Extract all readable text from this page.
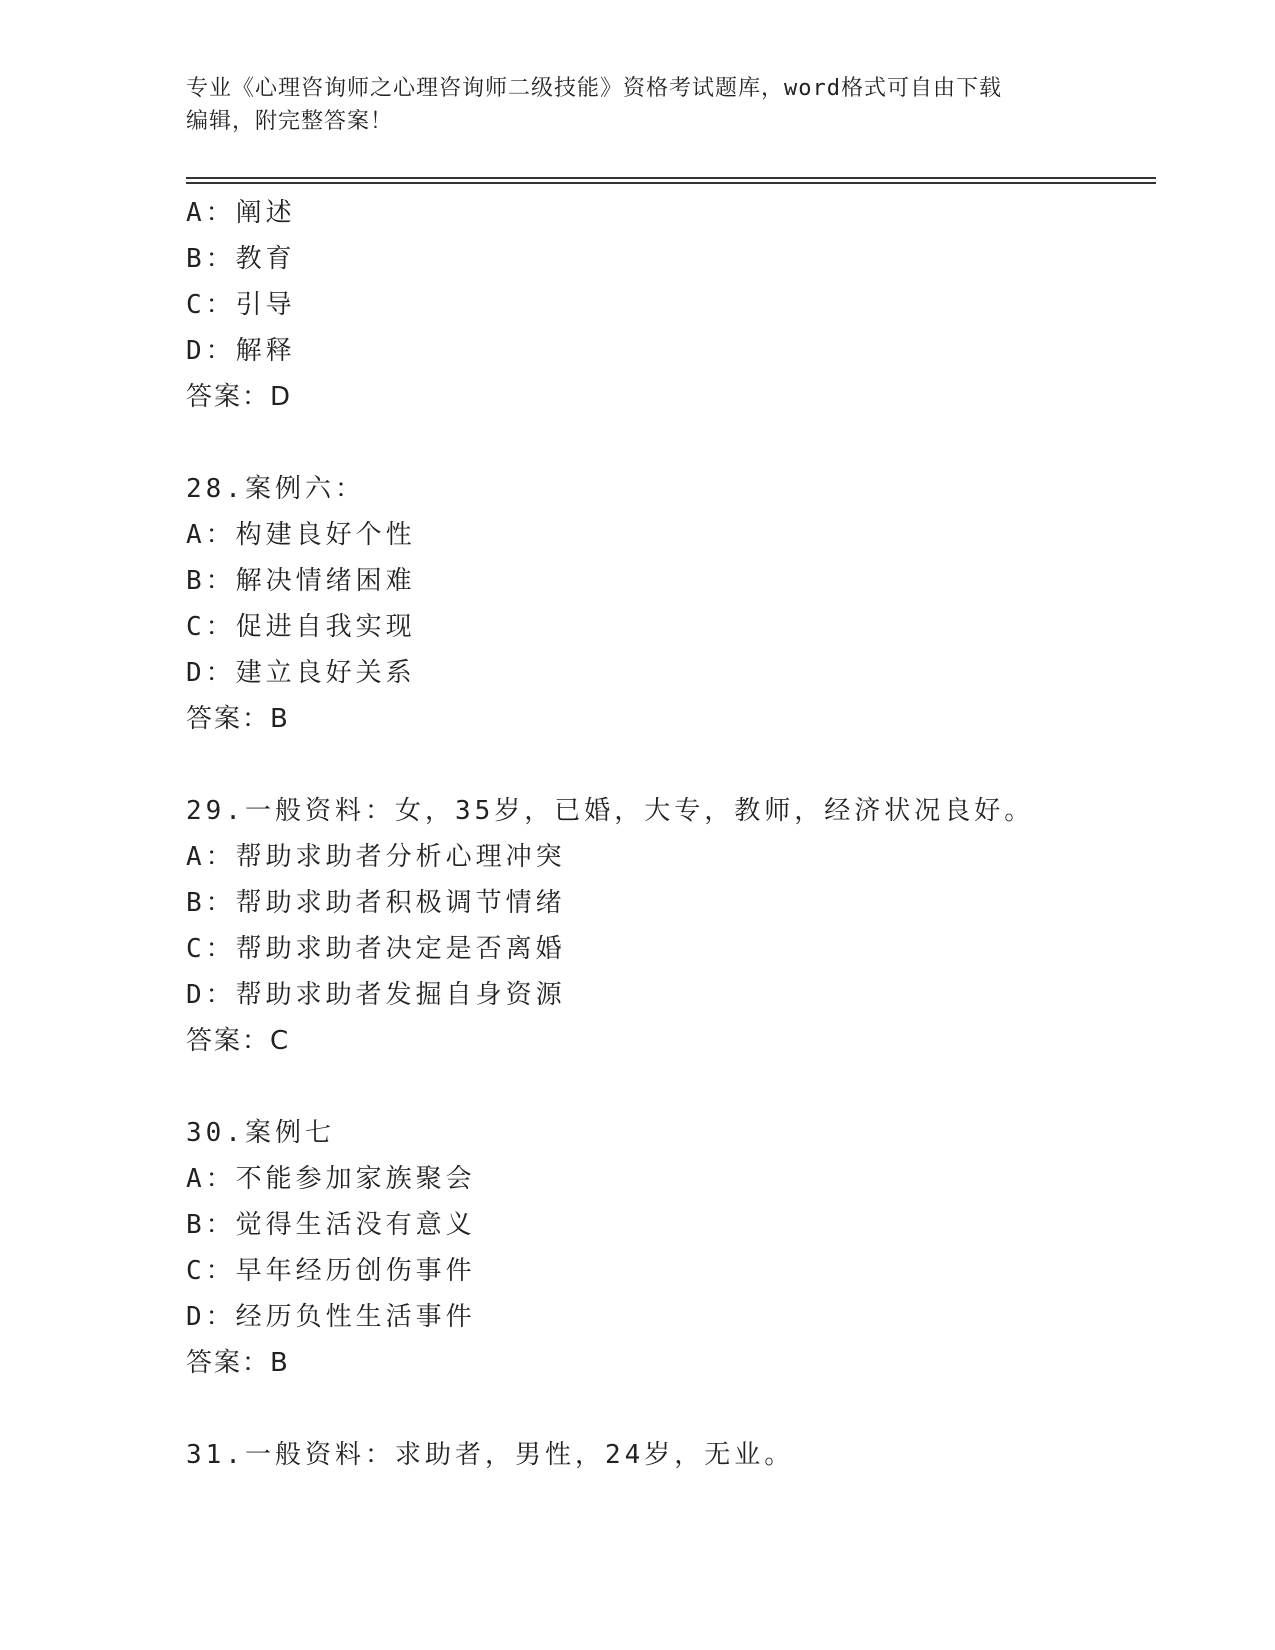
专业《心理咨询师之心理咨询师二级技能》资格考试题库，word格式可自由下载
编辑，附完整答案！
A：阐述
B：教育
C：引导
D：解释
答案：D
28.案例六：
A：构建良好个性
B：解决情绪困难
C：促进自我实现
D：建立良好关系
答案：B
29.一般资料：女，35岁，已婚，大专，教师，经济状况良好。
A：帮助求助者分析心理冲突
B：帮助求助者积极调节情绪
C：帮助求助者决定是否离婚
D：帮助求助者发掘自身资源
答案：C
30.案例七
A：不能参加家族聚会
B：觉得生活没有意义
C：早年经历创伤事件
D：经历负性生活事件
答案：B
31.一般资料：求助者，男性，24岁，无业。
